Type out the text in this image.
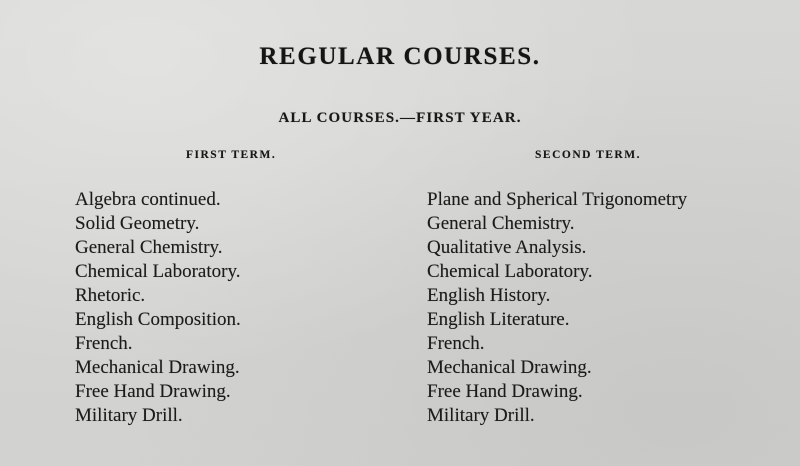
REGULAR COURSES.
ALL COURSES.—FIRST YEAR.
FIRST TERM.
Algebra continued.
Solid Geometry.
General Chemistry.
Chemical Laboratory.
Rhetoric.
English Composition.
French.
Mechanical Drawing.
Free Hand Drawing.
Military Drill.
SECOND TERM.
Plane and Spherical Trigonometry
General Chemistry.
Qualitative Analysis.
Chemical Laboratory.
English History.
English Literature.
French.
Mechanical Drawing.
Free Hand Drawing.
Military Drill.
